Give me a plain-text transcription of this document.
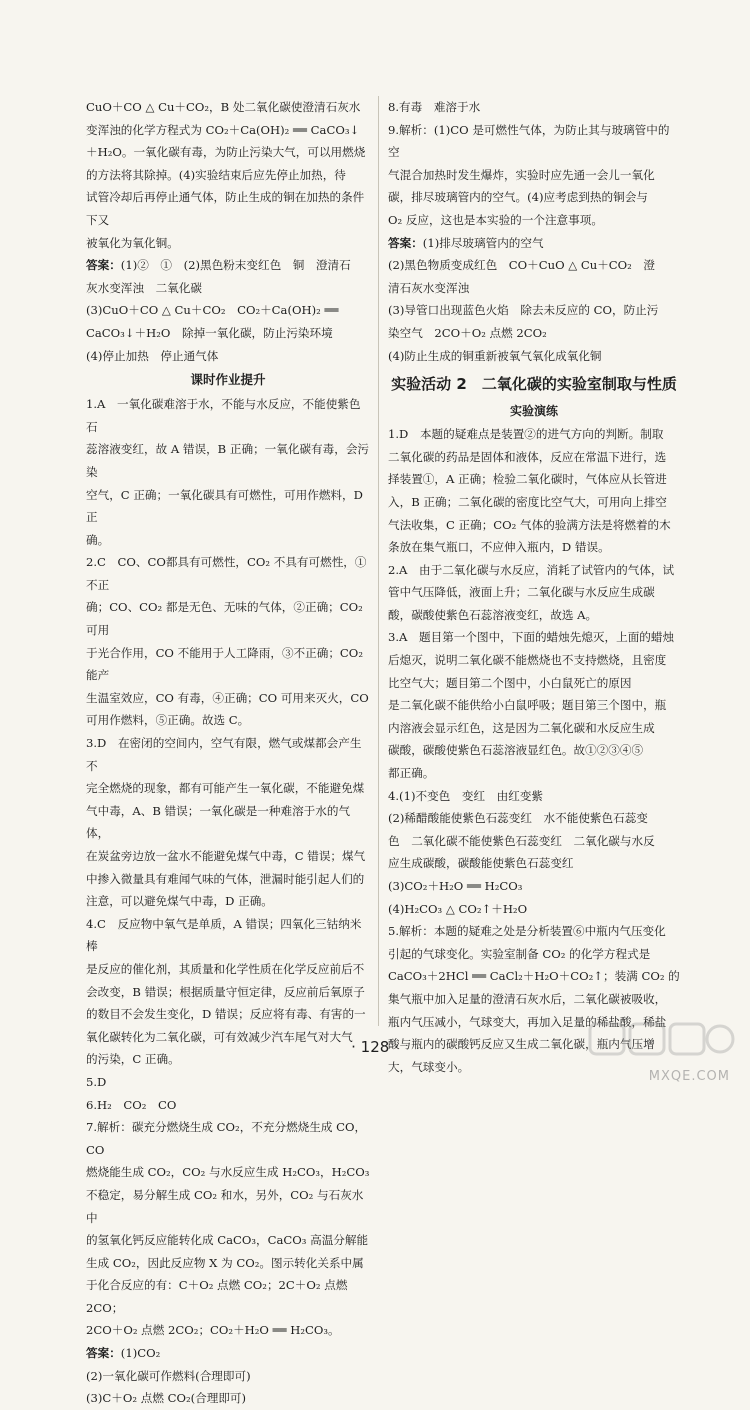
CuO＋CO △ Cu＋CO₂，B 处二氧化碳使澄清石灰水

变浑浊的化学方程式为 CO₂＋Ca(OH)₂ ══ CaCO₃↓

＋H₂O。一氧化碳有毒，为防止污染大气，可以用燃烧

的方法将其除掉。(4)实验结束后应先停止加热，待

试管冷却后再停止通气体，防止生成的铜在加热的条件下又

被氧化为氧化铜。

答案：(1)②　①　(2)黑色粉末变红色　铜　澄清石

灰水变浑浊　二氧化碳

(3)CuO＋CO △ Cu＋CO₂　CO₂＋Ca(OH)₂ ══

CaCO₃↓＋H₂O　除掉一氧化碳，防止污染环境

(4)停止加热　停止通气体

课时作业提升

1.A　一氧化碳难溶于水，不能与水反应，不能使紫色石

蕊溶液变红，故 A 错误，B 正确；一氧化碳有毒，会污染

空气，C 正确；一氧化碳具有可燃性，可用作燃料，D 正

确。

2.C　CO、CO都具有可燃性，CO₂ 不具有可燃性，①不正

确；CO、CO₂ 都是无色、无味的气体，②正确；CO₂ 可用

于光合作用，CO 不能用于人工降雨，③不正确；CO₂ 能产

生温室效应，CO 有毒，④正确；CO 可用来灭火，CO

可用作燃料，⑤正确。故选 C。

3.D　在密闭的空间内，空气有限，燃气或煤都会产生不

完全燃烧的现象，都有可能产生一氧化碳，不能避免煤

气中毒，A、B 错误；一氧化碳是一种难溶于水的气体，

在炭盆旁边放一盆水不能避免煤气中毒，C 错误；煤气

中掺入微量具有难闻气味的气体，泄漏时能引起人们的

注意，可以避免煤气中毒，D 正确。

4.C　反应物中氧气是单质，A 错误；四氧化三钴纳米棒

是反应的催化剂，其质量和化学性质在化学反应前后不

会改变，B 错误；根据质量守恒定律，反应前后氧原子

的数目不会发生变化，D 错误；反应将有毒、有害的一

氧化碳转化为二氧化碳，可有效减少汽车尾气对大气

的污染，C 正确。

5.D

6.H₂　CO₂　CO

7.解析：碳充分燃烧生成 CO₂，不充分燃烧生成 CO，CO

燃烧能生成 CO₂，CO₂ 与水反应生成 H₂CO₃，H₂CO₃

不稳定，易分解生成 CO₂ 和水，另外，CO₂ 与石灰水中

的氢氧化钙反应能转化成 CaCO₃，CaCO₃ 高温分解能

生成 CO₂，因此反应物 X 为 CO₂。图示转化关系中属

于化合反应的有：C＋O₂ 点燃 CO₂；2C＋O₂ 点燃 2CO；

2CO＋O₂ 点燃 2CO₂；CO₂＋H₂O ══ H₂CO₃。

答案：

(1)CO₂

(2)一氧化碳可作燃料(合理即可)

(3)C＋O₂ 点燃 CO₂(合理即可)

8.有毒　难溶于水

9.解析：(1)CO 是可燃性气体，为防止其与玻璃管中的空

气混合加热时发生爆炸，实验时应先通一会儿一氧化

碳，排尽玻璃管内的空气。(4)应考虑到热的铜会与

O₂ 反应，这也是本实验的一个注意事项。

答案：(1)排尽玻璃管内的空气

(2)黑色物质变成红色　CO＋CuO △ Cu＋CO₂　澄

清石灰水变浑浊

(3)导管口出现蓝色火焰　除去未反应的 CO，防止污

染空气　2CO＋O₂ 点燃 2CO₂

(4)防止生成的铜重新被氧气氧化成氧化铜

实验活动 2　二氧化碳的实验室制取与性质
实验演练

1.D　本题的疑难点是装置②的进气方向的判断。制取

二氧化碳的药品是固体和液体，反应在常温下进行，选

择装置①，A 正确；检验二氧化碳时，气体应从长管进

入，B 正确；二氧化碳的密度比空气大，可用向上排空

气法收集，C 正确；CO₂ 气体的验满方法是将燃着的木

条放在集气瓶口，不应伸入瓶内，D 错误。

2.A　由于二氧化碳与水反应，消耗了试管内的气体，试

管中气压降低，液面上升；二氧化碳与水反应生成碳

酸，碳酸使紫色石蕊溶液变红，故选 A。

3.A　题目第一个图中，下面的蜡烛先熄灭，上面的蜡烛

后熄灭，说明二氧化碳不能燃烧也不支持燃烧，且密度

比空气大；题目第二个图中，小白鼠死亡的原因

是二氧化碳不能供给小白鼠呼吸；题目第三个图中，瓶

内溶液会显示红色，这是因为二氧化碳和水反应生成

碳酸，碳酸使紫色石蕊溶液显红色。故①②③④⑤

都正确。

4.(1)不变色　变红　由红变紫

(2)稀醋酸能使紫色石蕊变红　水不能使紫色石蕊变

色　二氧化碳不能使紫色石蕊变红　二氧化碳与水反

应生成碳酸，碳酸能使紫色石蕊变红

(3)CO₂＋H₂O ══ H₂CO₃

(4)H₂CO₃ △ CO₂↑＋H₂O

5.解析：本题的疑难之处是分析装置⑥中瓶内气压变化

引起的气球变化。实验室制备 CO₂ 的化学方程式是

CaCO₃＋2HCl ══ CaCl₂＋H₂O＋CO₂↑；装满 CO₂ 的

集气瓶中加入足量的澄清石灰水后，二氧化碳被吸收，

瓶内气压减小，气球变大，再加入足量的稀盐酸，稀盐

酸与瓶内的碳酸钙反应又生成二氧化碳，瓶内气压增

大，气球变小。

· 128 ·
MXQE.COM
